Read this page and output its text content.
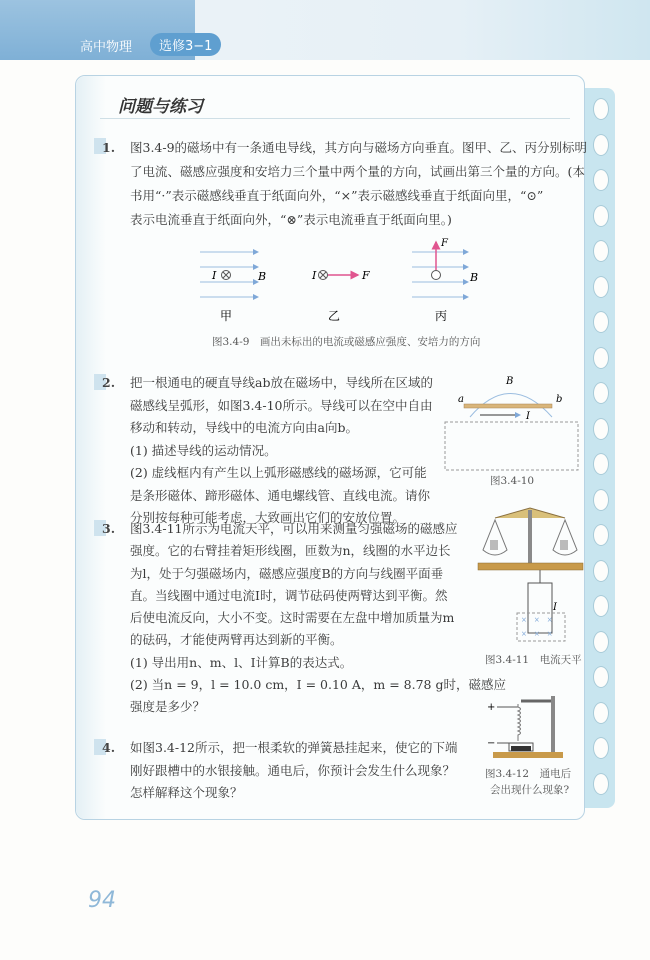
高中物理	选修3−1
问题与练习
1. 图3.4-9的磁场中有一条通电导线，其方向与磁场方向垂直。图甲、乙、丙分别标明

了电流、磁感应强度和安培力三个量中两个量的方向，试画出第三个量的方向。(本

书用“·”表示磁感线垂直于纸面向外，“×”表示磁感线垂直于纸面向里，“⊙”

表示电流垂直于纸面向外，“⊗”表示电流垂直于纸面向里。)

I	B	I	F
F
B
甲	乙	丙
图3.4-9　画出未标出的电流或磁感应强度、安培力的方向
2. 把一根通电的硬直导线ab放在磁场中，导线所在区域的

磁感线呈弧形，如图3.4-10所示。导线可以在空中自由

移动和转动，导线中的电流方向由a向b。

(1) 描述导线的运动情况。

(2) 虚线框内有产生以上弧形磁感线的磁场源，它可能

是条形磁体、蹄形磁体、通电螺线管、直线电流。请你

分别按每种可能考虑，大致画出它们的安放位置。

B
a	b
I
图3.4-10
3. 图3.4-11所示为电流天平，可以用来测量匀强磁场的磁感应

强度。它的右臂挂着矩形线圈，匝数为n，线圈的水平边长

为l，处于匀强磁场内，磁感应强度B的方向与线圈平面垂

直。当线圈中通过电流I时，调节砝码使两臂达到平衡。然

后使电流反向，大小不变。这时需要在左盘中增加质量为m

的砝码，才能使两臂再达到新的平衡。

(1) 导出用n、m、l、I计算B的表达式。

(2) 当n = 9，l = 10.0 cm，I = 0.10 A，m = 8.78 g时，磁感应

强度是多少？

I
×　×　×
×　×　×
图3.4-11　电流天平
4. 如图3.4-12所示，把一根柔软的弹簧悬挂起来，使它的下端

刚好跟槽中的水银接触。通电后，你预计会发生什么现象？

怎样解释这个现象？

+
−
图3.4-12　通电后
会出现什么现象?
94
